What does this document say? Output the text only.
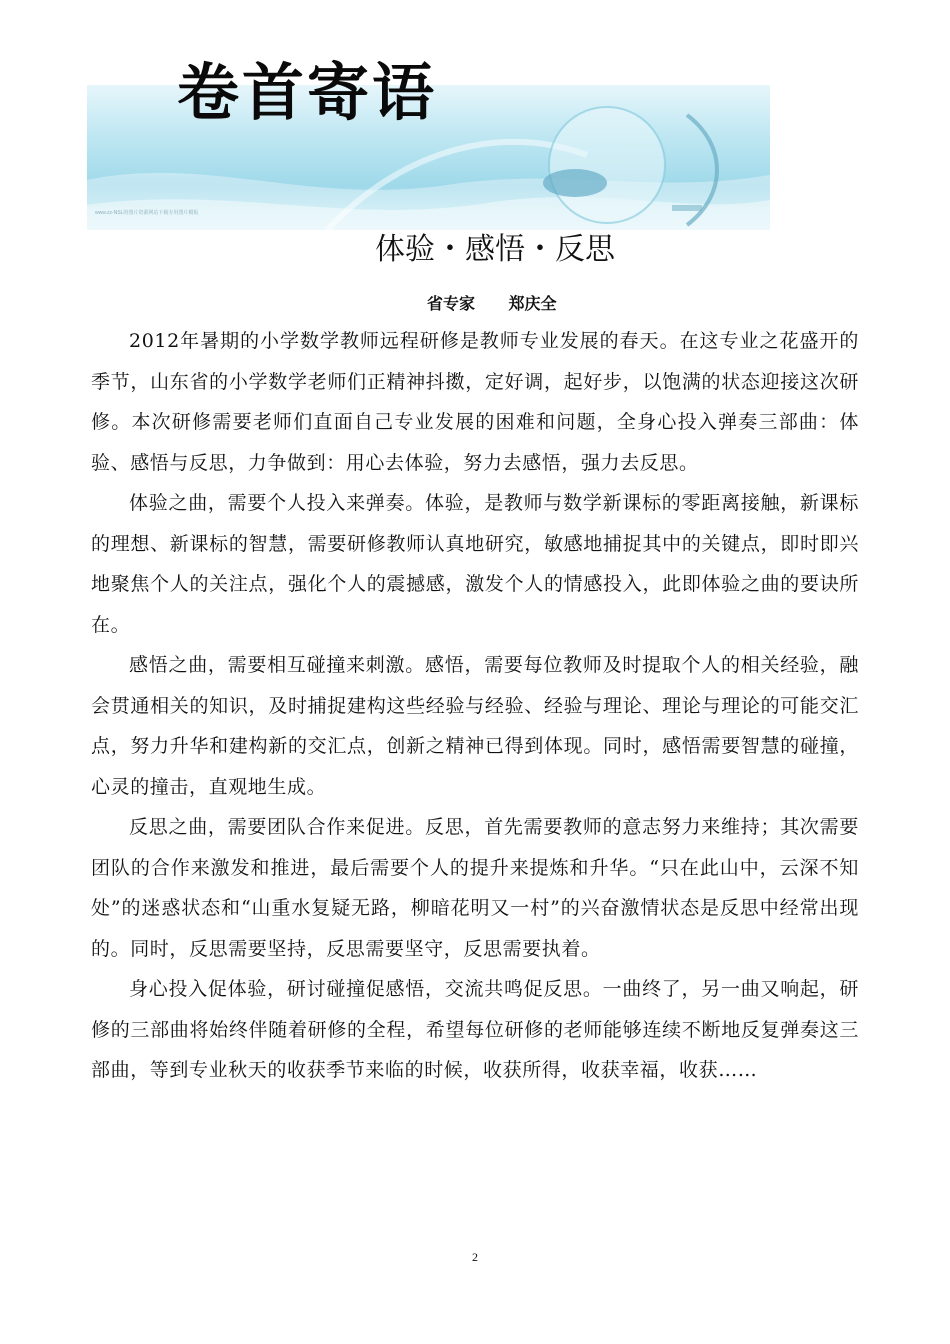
www.zz-NSL的图片资源网站下载专用图片模板
卷首寄语
体验・感悟・反思
省专家 郑庆全

2012年暑期的小学数学教师远程研修是教师专业发展的春天。在这专业之花盛开的季节，山东省的小学数学老师们正精神抖擞，定好调，起好步，以饱满的状态迎接这次研修。本次研修需要老师们直面自己专业发展的困难和问题，全身心投入弹奏三部曲：体验、感悟与反思，力争做到：用心去体验，努力去感悟，强力去反思。

体验之曲，需要个人投入来弹奏。体验，是教师与数学新课标的零距离接触，新课标的理想、新课标的智慧，需要研修教师认真地研究，敏感地捕捉其中的关键点，即时即兴地聚焦个人的关注点，强化个人的震撼感，激发个人的情感投入，此即体验之曲的要诀所在。

感悟之曲，需要相互碰撞来刺激。感悟，需要每位教师及时提取个人的相关经验，融会贯通相关的知识，及时捕捉建构这些经验与经验、经验与理论、理论与理论的可能交汇点，努力升华和建构新的交汇点，创新之精神已得到体现。同时，感悟需要智慧的碰撞，心灵的撞击，直观地生成。

反思之曲，需要团队合作来促进。反思，首先需要教师的意志努力来维持；其次需要团队的合作来激发和推进，最后需要个人的提升来提炼和升华。“只在此山中，云深不知处”的迷惑状态和“山重水复疑无路，柳暗花明又一村”的兴奋激情状态是反思中经常出现的。同时，反思需要坚持，反思需要坚守，反思需要执着。

身心投入促体验，研讨碰撞促感悟，交流共鸣促反思。一曲终了，另一曲又响起，研修的三部曲将始终伴随着研修的全程，希望每位研修的老师能够连续不断地反复弹奏这三部曲，等到专业秋天的收获季节来临的时候，收获所得，收获幸福，收获……

2
